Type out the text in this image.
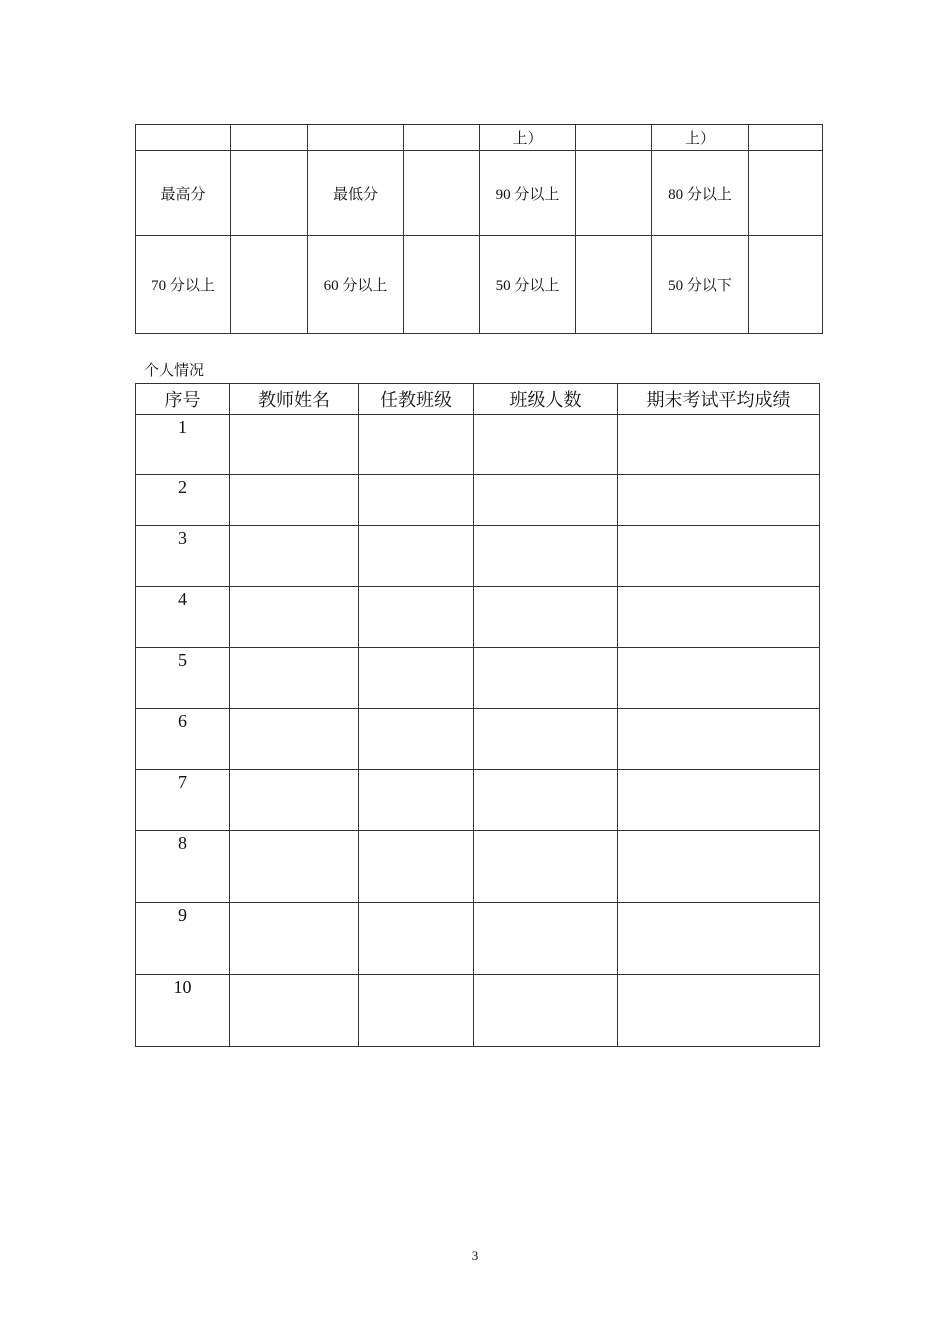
				上）		上）	
最高分		最低分		90 分以上		80 分以上	
70 分以上		60 分以上		50 分以上		50 分以下	
个人情况
序号	教师姓名	任教班级	班级人数	期末考试平均成绩
1				
2				
3				
4				
5				
6				
7				
8				
9				
10				
3
